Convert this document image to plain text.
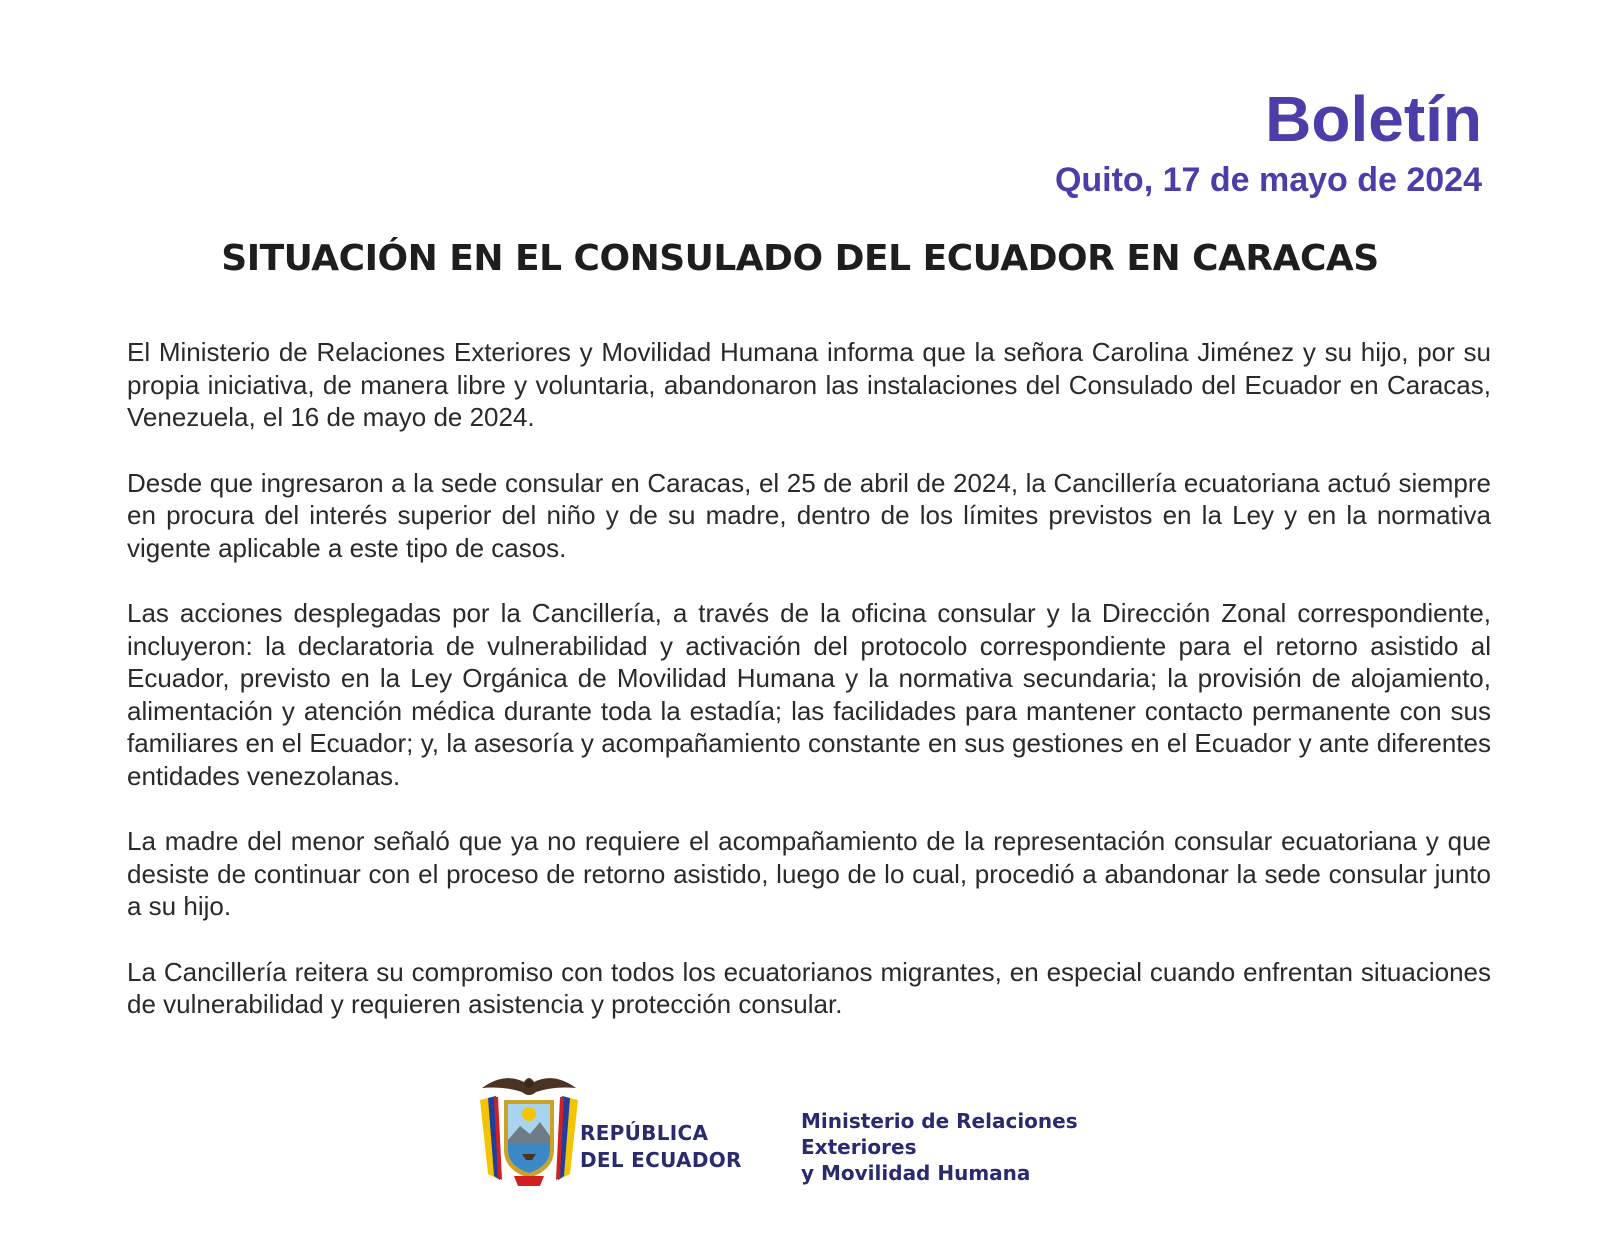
Boletín
Quito, 17 de mayo de 2024
SITUACIÓN EN EL CONSULADO DEL ECUADOR EN CARACAS

El Ministerio de Relaciones Exteriores y Movilidad Humana informa que la señora Carolina Jiménez y su hijo, por su propia iniciativa, de manera libre y voluntaria, abandonaron las instalaciones del Consulado del Ecuador en Caracas, Venezuela, el 16 de mayo de 2024.

Desde que ingresaron a la sede consular en Caracas, el 25 de abril de 2024, la Cancillería ecuatoriana actuó siempre en procura del interés superior del niño y de su madre, dentro de los límites previstos en la Ley y en la normativa vigente aplicable a este tipo de casos.

Las acciones desplegadas por la Cancillería, a través de la oficina consular y la Dirección Zonal correspondiente, incluyeron: la declaratoria de vulnerabilidad y activación del protocolo correspondiente para el retorno asistido al Ecuador, previsto en la Ley Orgánica de Movilidad Humana y la normativa secundaria; la provisión de alojamiento, alimentación y atención médica durante toda la estadía; las facilidades para mantener contacto permanente con sus familiares en el Ecuador; y, la asesoría y acompañamiento constante en sus gestiones en el Ecuador y ante diferentes entidades venezolanas.

La madre del menor señaló que ya no requiere el acompañamiento de la representación consular ecuatoriana y que desiste de continuar con el proceso de retorno asistido, luego de lo cual, procedió a abandonar la sede consular junto a su hijo.

La Cancillería reitera su compromiso con todos los ecuatorianos migrantes, en especial cuando enfrentan situaciones de vulnerabilidad y requieren asistencia y protección consular.

REPÚBLICA
DEL ECUADOR
Ministerio de Relaciones Exteriores
y Movilidad Humana
